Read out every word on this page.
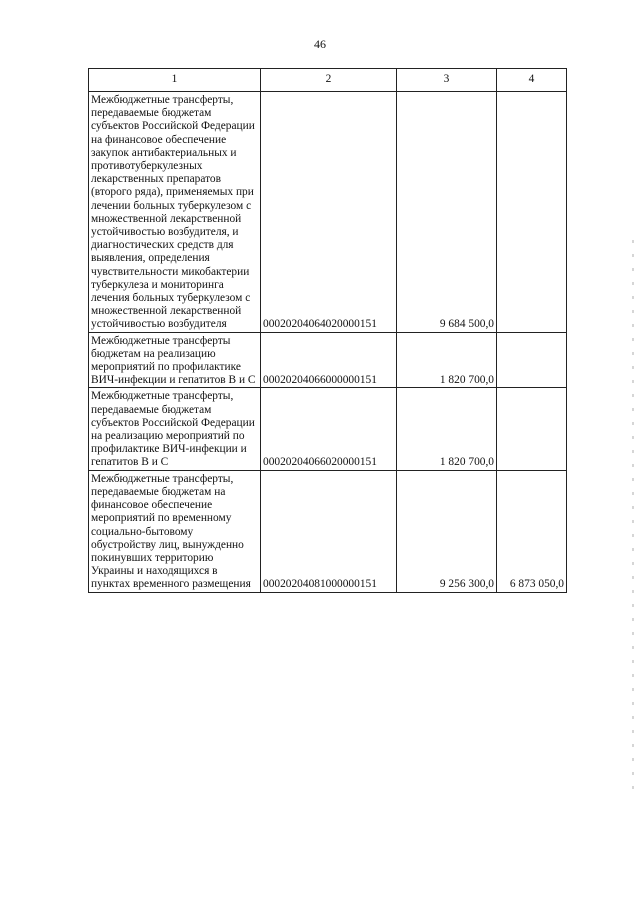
46
1	2	3	4

Межбюджетные трансферты, передаваемые бюджетам субъектов Российской Федерации на финансовое обеспечение закупок антибактериальных и противотуберкулезных лекарственных препаратов (второго ряда), применяемых при лечении больных туберкулезом с множественной лекарственной устойчивостью возбудителя, и диагностических средств для выявления, определения чувствительности микобактерии туберкулеза и мониторинга лечения больных туберкулезом с множественной лекарственной устойчивостью возбудителя	00020204064020000151	9 684 500,0	

Межбюджетные трансферты бюджетам на реализацию мероприятий по профилактике ВИЧ-инфекции и гепатитов B и C	00020204066000000151	1 820 700,0	

Межбюджетные трансферты, передаваемые бюджетам субъектов Российской Федерации на реализацию мероприятий по профилактике ВИЧ-инфекции и гепатитов B и C	00020204066020000151	1 820 700,0	

Межбюджетные трансферты, передаваемые бюджетам на финансовое обеспечение мероприятий по временному социально-бытовому обустройству лиц, вынужденно покинувших территорию Украины и находящихся в пунктах временного размещения	00020204081000000151	9 256 300,0	6 873 050,0
